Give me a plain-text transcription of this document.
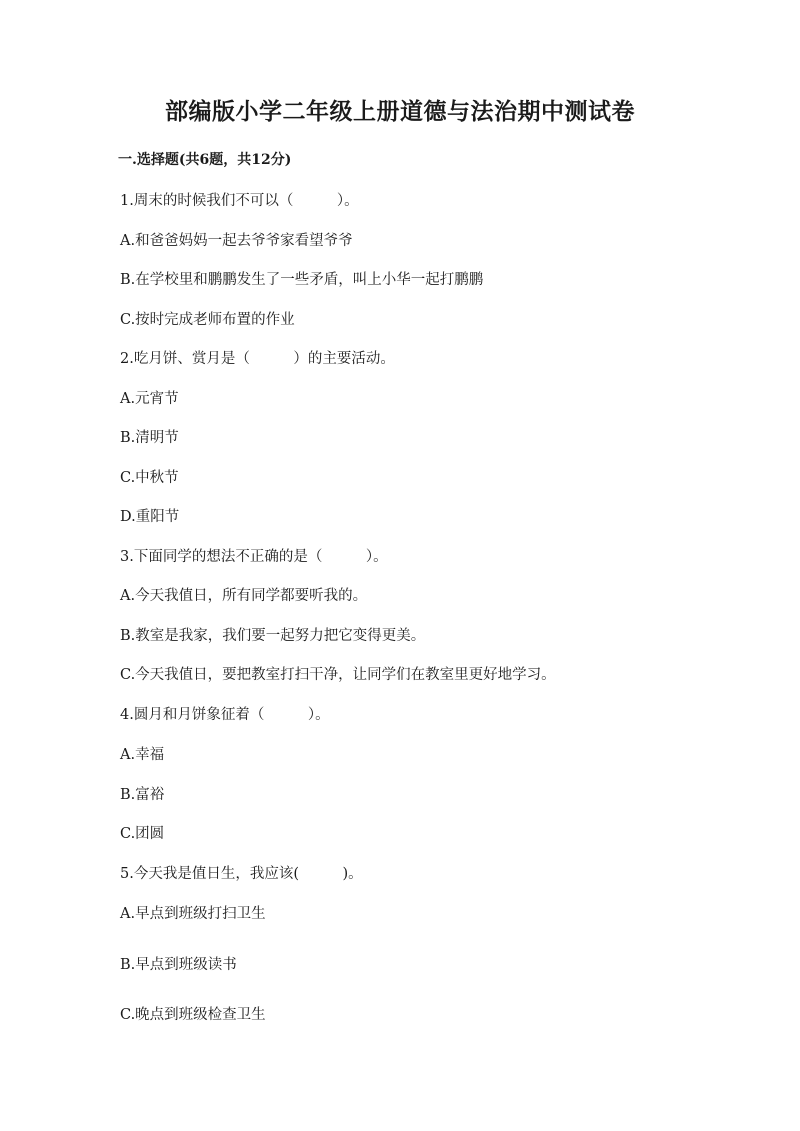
部编版小学二年级上册道德与法治期中测试卷
一.选择题(共6题，共12分)
1.周末的时候我们不可以（　　　）。
A.和爸爸妈妈一起去爷爷家看望爷爷
B.在学校里和鹏鹏发生了一些矛盾，叫上小华一起打鹏鹏
C.按时完成老师布置的作业
2.吃月饼、赏月是（　　　）的主要活动。
A.元宵节
B.清明节
C.中秋节
D.重阳节
3.下面同学的想法不正确的是（　　　）。
A.今天我值日，所有同学都要听我的。
B.教室是我家，我们要一起努力把它变得更美。
C.今天我值日，要把教室打扫干净，让同学们在教室里更好地学习。
4.圆月和月饼象征着（　　　）。
A.幸福
B.富裕
C.团圆
5.今天我是值日生，我应该(　　　)。
A.早点到班级打扫卫生
B.早点到班级读书
C.晚点到班级检查卫生
